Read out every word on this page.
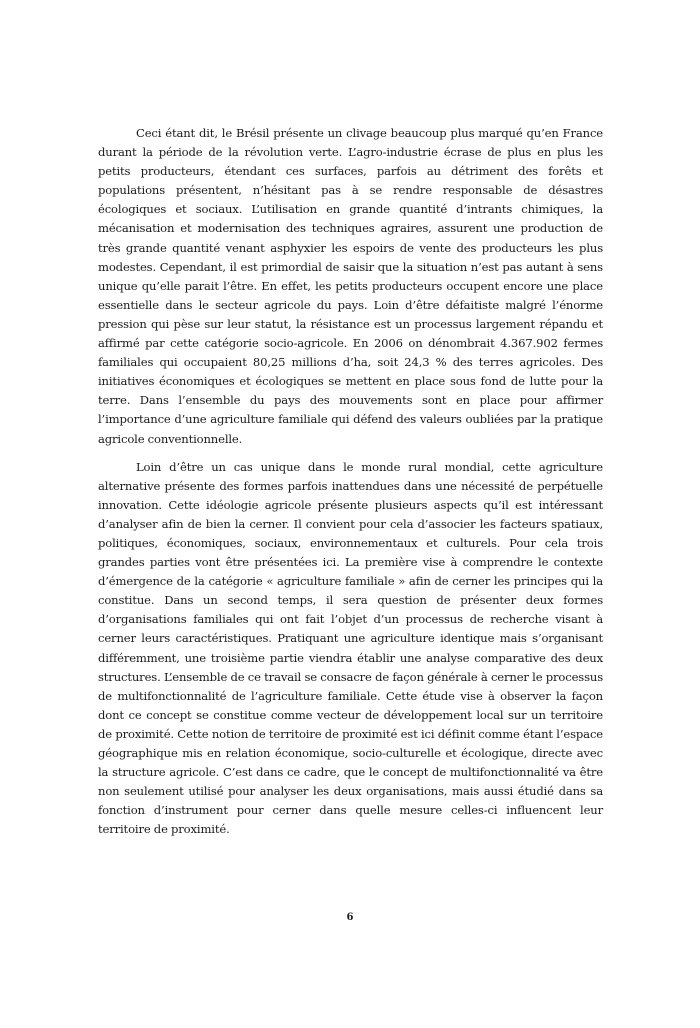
Ceci étant dit, le Brésil présente un clivage beaucoup plus marqué qu’en France durant la période de la révolution verte. L’agro-industrie écrase de plus en plus les petits producteurs, étendant ces surfaces, parfois au détriment des forêts et populations présentent, n’hésitant pas à se rendre responsable de désastres écologiques et sociaux. L’utilisation en grande quantité d’intrants chimiques, la mécanisation et modernisation des techniques agraires, assurent une production de très grande quantité venant asphyxier les espoirs de vente des producteurs les plus modestes. Cependant, il est primordial de saisir que la situation n’est pas autant à sens unique qu’elle parait l’être. En effet, les petits producteurs occupent encore une place essentielle dans le secteur agricole du pays. Loin d’être défaitiste malgré l’énorme pression qui pèse sur leur statut, la résistance est un processus largement répandu et affirmé par cette catégorie socio-agricole. En 2006 on dénombrait 4.367.902 fermes familiales qui occupaient 80,25 millions d’ha, soit 24,3 % des terres agricoles. Des initiatives économiques et écologiques se mettent en place sous fond de lutte pour la terre. Dans l’ensemble du pays des mouvements sont en place pour affirmer l’importance d’une agriculture familiale qui défend des valeurs oubliées par la pratique agricole conventionnelle.

Loin d’être un cas unique dans le monde rural mondial, cette agriculture alternative présente des formes parfois inattendues dans une nécessité de perpétuelle innovation. Cette idéologie agricole présente plusieurs aspects qu’il est intéressant d’analyser afin de bien la cerner. Il convient pour cela d’associer les facteurs spatiaux, politiques, économiques, sociaux, environnementaux et culturels. Pour cela trois grandes parties vont être présentées ici. La première vise à comprendre le contexte d’émergence de la catégorie « agriculture familiale » afin de cerner les principes qui la constitue. Dans un second temps, il sera question de présenter deux formes d’organisations familiales qui ont fait l’objet d’un processus de recherche visant à cerner leurs caractéristiques. Pratiquant une agriculture identique mais s’organisant différemment, une troisième partie viendra établir une analyse comparative des deux structures. L’ensemble de ce travail se consacre de façon générale à cerner le processus de multifonctionnalité de l’agriculture familiale. Cette étude vise à observer la façon dont ce concept se constitue comme vecteur de développement local sur un territoire de proximité. Cette notion de territoire de proximité est ici définit comme étant l’espace géographique mis en relation économique, socio-culturelle et écologique, directe avec la structure agricole. C’est dans ce cadre, que le concept de multifonctionnalité va être non seulement utilisé pour analyser les deux organisations, mais aussi étudié dans sa fonction d’instrument pour cerner dans quelle mesure celles-ci influencent leur territoire de proximité.

6
